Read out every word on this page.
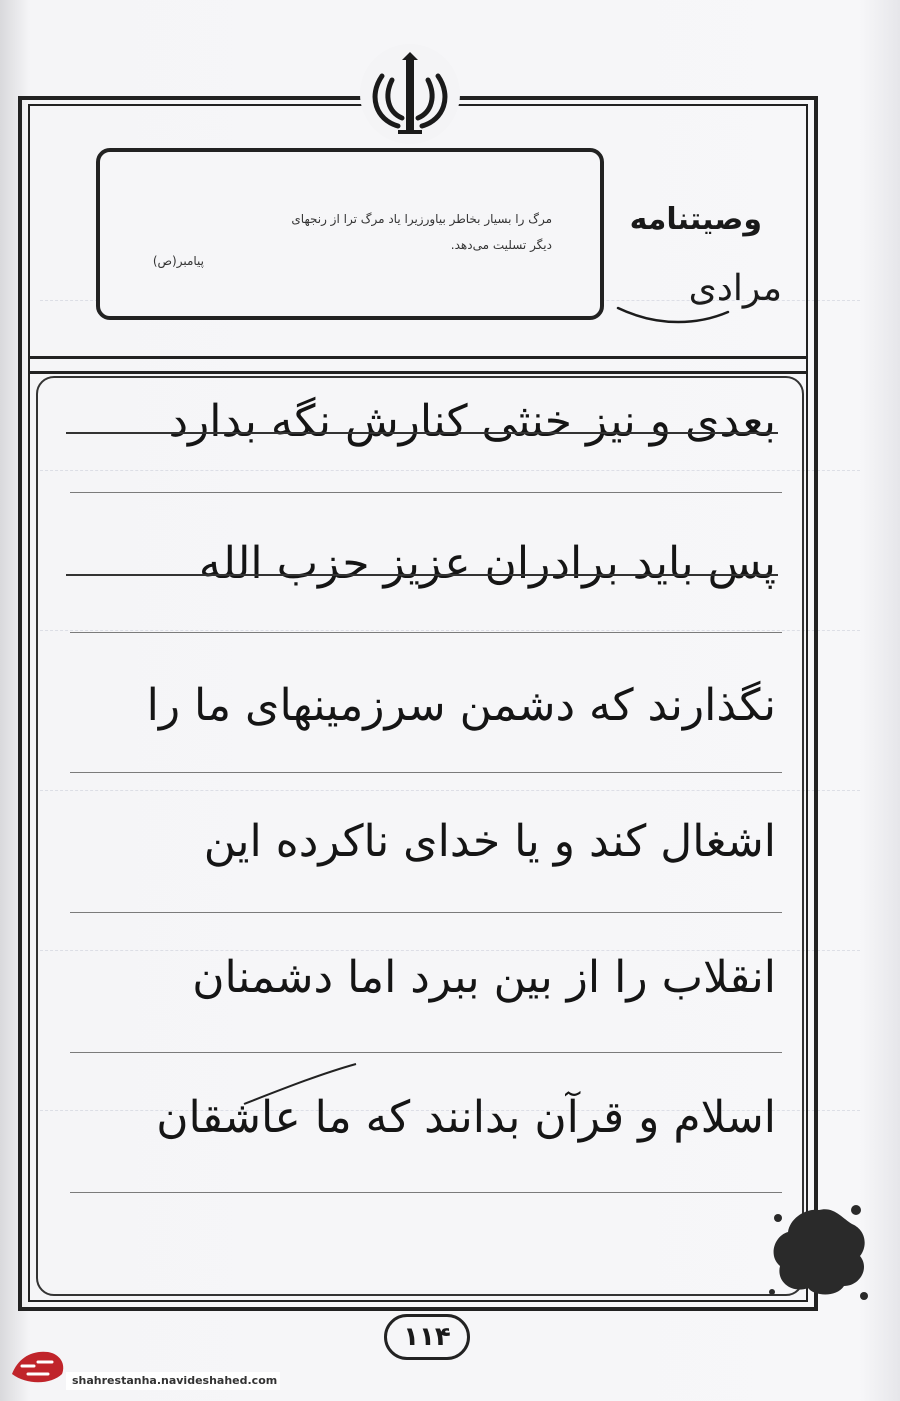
مرگ را بسیار بخاطر بیاورزیرا یاد مرگ ترا از رنجهای
دیگر تسلیت می‌دهد.
پیامبر(ص)
وصیتنامه
مرادی
بعدی و نیز خنثی کنارش نگه بدارد
پس باید برادران عزیز حزب الله
نگذارند که دشمن سرزمینهای ما را
اشغال کند و یا خدای ناکرده این
انقلاب را از بین ببرد اما دشمنان
اسلام و قرآن بدانند که ما عاشقان
۱۱۴
shahrestanha.navideshahed.com
